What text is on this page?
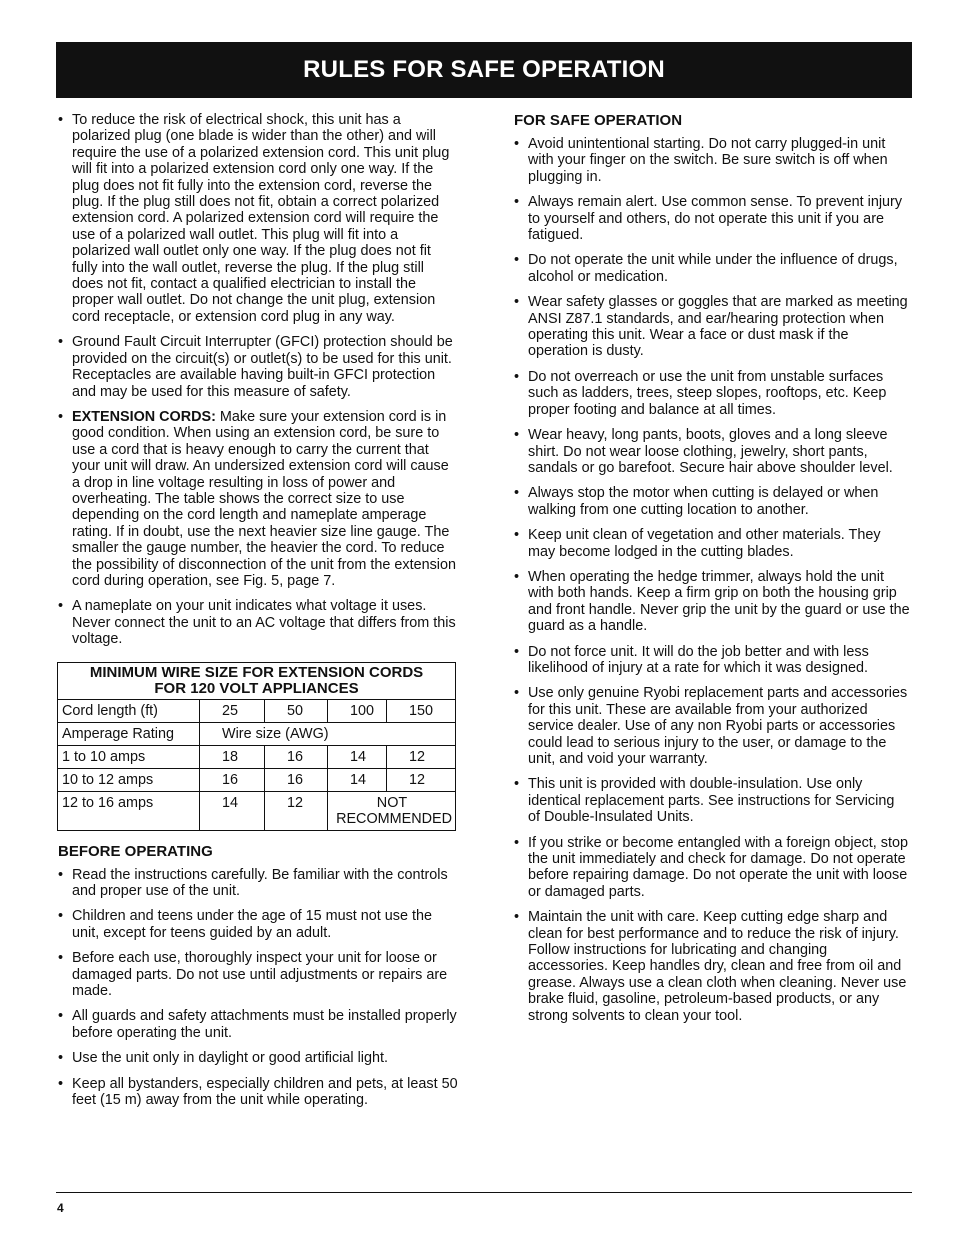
RULES FOR SAFE OPERATION
• To reduce the risk of electrical shock, this unit has a polarized plug (one blade is wider than the other) and will require the use of a polarized extension cord. This unit plug will fit into a polarized extension cord only one way. If the plug does not fit fully into the extension cord, reverse the plug. If the plug still does not fit, obtain a correct polarized extension cord. A polarized extension cord will require the use of a polarized wall outlet. This plug will fit into a polarized wall outlet only one way. If the plug does not fit fully into the wall outlet, reverse the plug. If the plug still does not fit, contact a qualified electrician to install the proper wall outlet. Do not change the unit plug, extension cord receptacle, or extension cord plug in any way.
• Ground Fault Circuit Interrupter (GFCI) protection should be provided on the circuit(s) or outlet(s) to be used for this unit. Receptacles are available having built-in GFCI protection and may be used for this measure of safety.
• EXTENSION CORDS: Make sure your extension cord is in good condition. When using an extension cord, be sure to use a cord that is heavy enough to carry the current that your unit will draw. An undersized extension cord will cause a drop in line voltage resulting in loss of power and overheating. The table shows the correct size to use depending on the cord length and nameplate amperage rating. If in doubt, use the next heavier size line gauge. The smaller the gauge number, the heavier the cord. To reduce the possibility of disconnection of the unit from the extension cord during operation, see Fig. 5, page 7.
• A nameplate on your unit indicates what voltage it uses. Never connect the unit to an AC voltage that differs from this voltage.
MINIMUM WIRE SIZE FOR EXTENSION CORDS
FOR 120 VOLT APPLIANCES				

Cord length (ft)	25	50	100	150
Amperage Rating	Wire size (AWG)			
1 to 10 amps	18	16	14	12
10 to 12 amps	16	16	14	12
12 to 16 amps	14	12	NOT
RECOMMENDED	
BEFORE OPERATING
• Read the instructions carefully. Be familiar with the controls and proper use of the unit.
• Children and teens under the age of 15 must not use the unit, except for teens guided by an adult.
• Before each use, thoroughly inspect your unit for loose or damaged parts. Do not use until adjustments or repairs are made.
• All guards and safety attachments must be installed properly before operating the unit.
• Use the unit only in daylight or good artificial light.
• Keep all bystanders, especially children and pets, at least 50 feet (15 m) away from the unit while operating.
FOR SAFE OPERATION
• Avoid unintentional starting. Do not carry plugged-in unit with your finger on the switch. Be sure switch is off when plugging in.
• Always remain alert. Use common sense. To prevent injury to yourself and others, do not operate this unit if you are fatigued.
• Do not operate the unit while under the influence of drugs, alcohol or medication.
• Wear safety glasses or goggles that are marked as meeting ANSI Z87.1 standards, and ear/hearing protection when operating this unit. Wear a face or dust mask if the operation is dusty.
• Do not overreach or use the unit from unstable surfaces such as ladders, trees, steep slopes, rooftops, etc. Keep proper footing and balance at all times.
• Wear heavy, long pants, boots, gloves and a long sleeve shirt. Do not wear loose clothing, jewelry, short pants, sandals or go barefoot. Secure hair above shoulder level.
• Always stop the motor when cutting is delayed or when walking from one cutting location to another.
• Keep unit clean of vegetation and other materials. They may become lodged in the cutting blades.
• When operating the hedge trimmer, always hold the unit with both hands. Keep a firm grip on both the housing grip and front handle. Never grip the unit by the guard or use the guard as a handle.
• Do not force unit. It will do the job better and with less likelihood of injury at a rate for which it was designed.
• Use only genuine Ryobi replacement parts and accessories for this unit. These are available from your authorized service dealer. Use of any non Ryobi parts or accessories could lead to serious injury to the user, or damage to the unit, and void your warranty.
• This unit is provided with double-insulation. Use only identical replacement parts. See instructions for Servicing of Double-Insulated Units.
• If you strike or become entangled with a foreign object, stop the unit immediately and check for damage. Do not operate before repairing damage. Do not operate the unit with loose or damaged parts.
• Maintain the unit with care. Keep cutting edge sharp and clean for best performance and to reduce the risk of injury. Follow instructions for lubricating and changing accessories. Keep handles dry, clean and free from oil and grease. Always use a clean cloth when cleaning. Never use brake fluid, gasoline, petroleum-based products, or any strong solvents to clean your tool.
4
